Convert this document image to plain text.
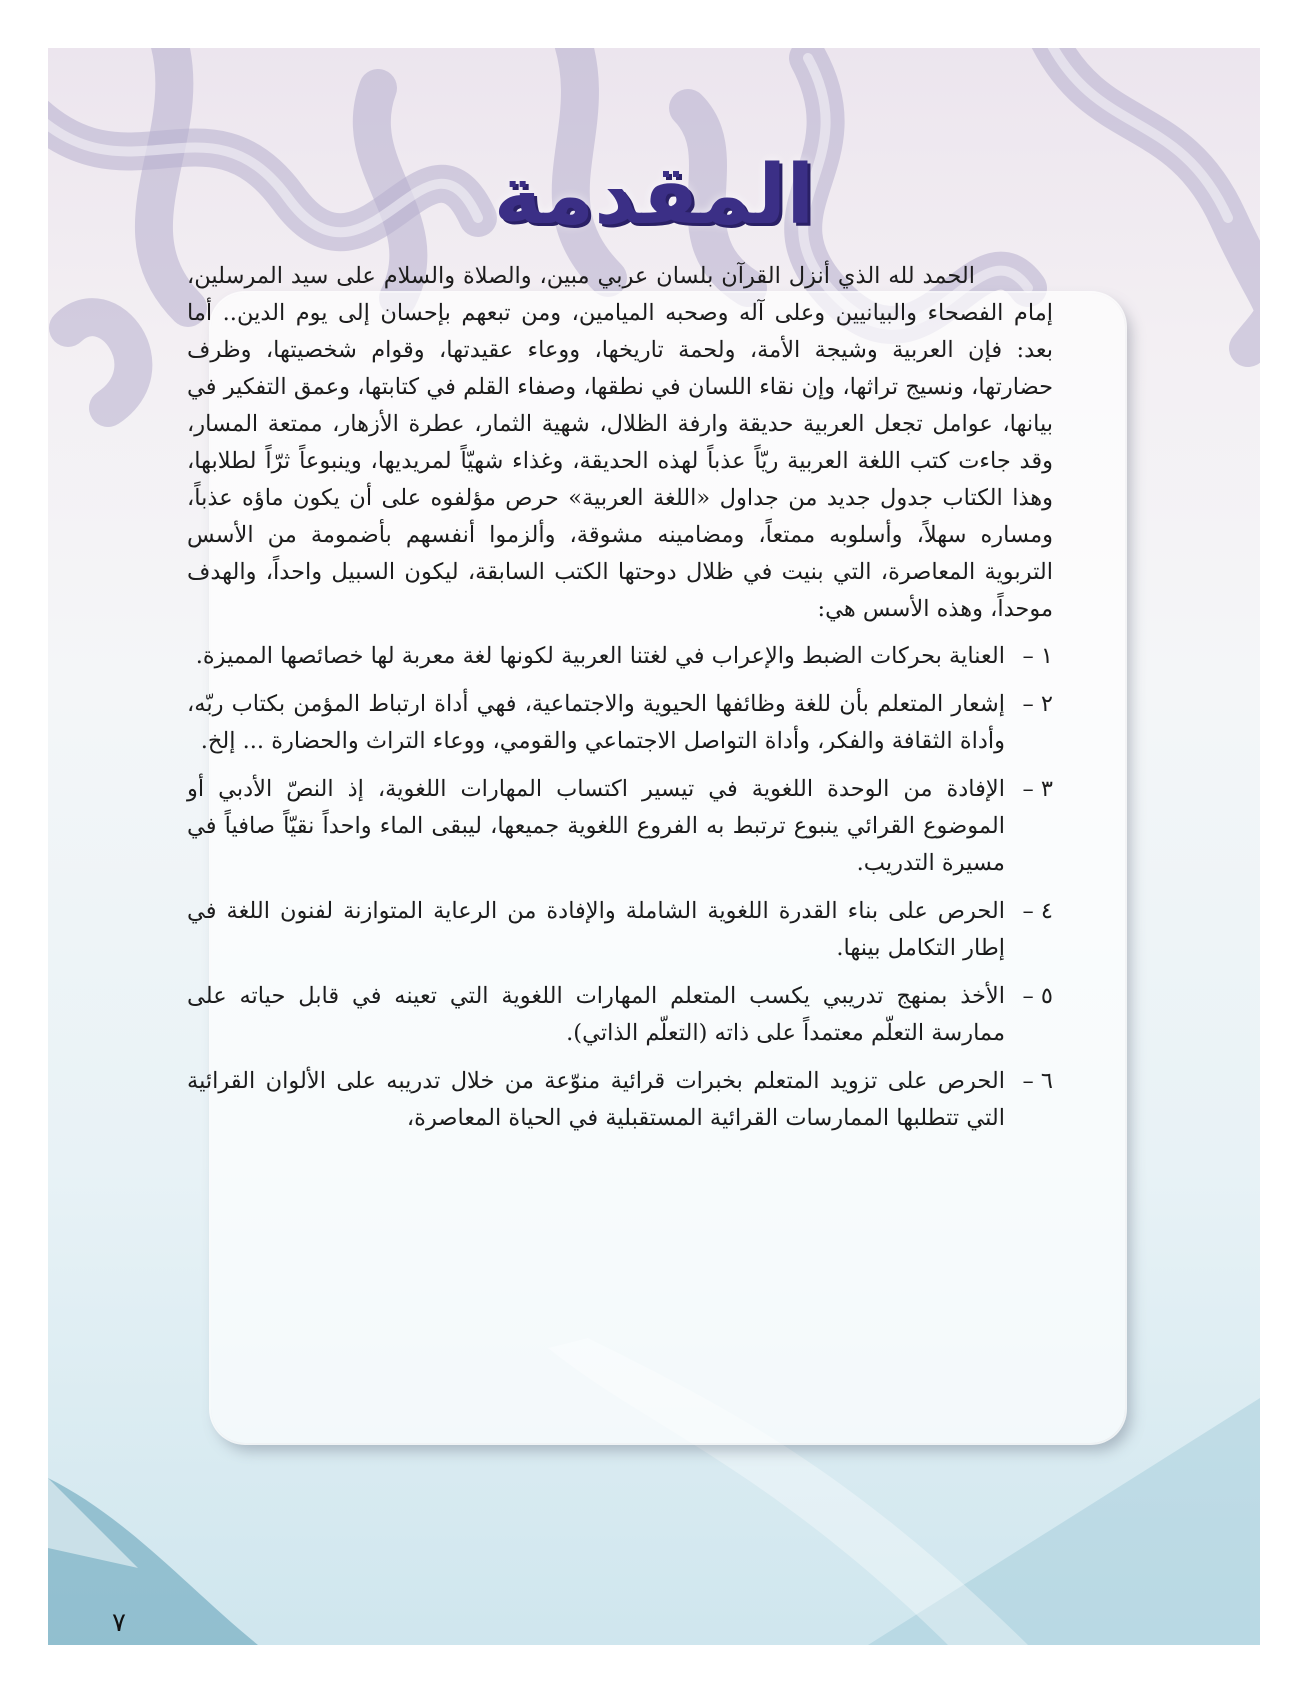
المقدمة
٧

الحمد لله الذي أنزل القرآن بلسان عربي مبين، والصلاة والسلام على سيد المرسلين، إمام الفصحاء والبيانيين وعلى آله وصحبه الميامين، ومن تبعهم بإحسان إلى يوم الدين.. أما بعد: فإن العربية وشيجة الأمة، ولحمة تاريخها، ووعاء عقيدتها، وقوام شخصيتها، وظرف حضارتها، ونسيج تراثها، وإن نقاء اللسان في نطقها، وصفاء القلم في كتابتها، وعمق التفكير في بيانها، عوامل تجعل العربية حديقة وارفة الظلال، شهية الثمار، عطرة الأزهار، ممتعة المسار، وقد جاءت كتب اللغة العربية ريّاً عذباً لهذه الحديقة، وغذاء شهيّاً لمريديها، وينبوعاً ثرّاً لطلابها، وهذا الكتاب جدول جديد من جداول «اللغة العربية» حرص مؤلفوه على أن يكون ماؤه عذباً، ومساره سهلاً، وأسلوبه ممتعاً، ومضامينه مشوقة، وألزموا أنفسهم بأضمومة من الأسس التربوية المعاصرة، التي بنيت في ظلال دوحتها الكتب السابقة، ليكون السبيل واحداً، والهدف موحداً، وهذه الأسس هي:

١ –
العناية بحركات الضبط والإعراب في لغتنا العربية لكونها لغة معربة لها خصائصها المميزة.
٢ –
إشعار المتعلم بأن للغة وظائفها الحيوية والاجتماعية، فهي أداة ارتباط المؤمن بكتاب ربّه، وأداة الثقافة والفكر، وأداة التواصل الاجتماعي والقومي، ووعاء التراث والحضارة ... إلخ.
٣ –
الإفادة من الوحدة اللغوية في تيسير اكتساب المهارات اللغوية، إذ النصّ الأدبي أو الموضوع القرائي ينبوع ترتبط به الفروع اللغوية جميعها، ليبقى الماء واحداً نقيّاً صافياً في مسيرة التدريب.
٤ –
الحرص على بناء القدرة اللغوية الشاملة والإفادة من الرعاية المتوازنة لفنون اللغة في إطار التكامل بينها.
٥ –
الأخذ بمنهج تدريبي يكسب المتعلم المهارات اللغوية التي تعينه في قابل حياته على ممارسة التعلّم معتمداً على ذاته (التعلّم الذاتي).
٦ –
الحرص على تزويد المتعلم بخبرات قرائية منوّعة من خلال تدريبه على الألوان القرائية التي تتطلبها الممارسات القرائية المستقبلية في الحياة المعاصرة،
